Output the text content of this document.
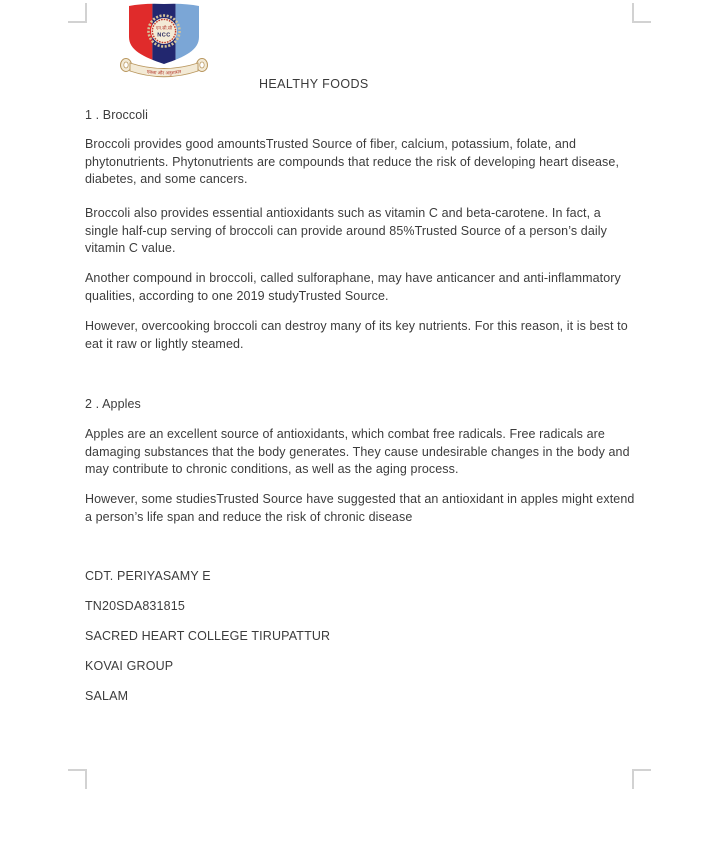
एन.सी.सी
NCC
एकता और अनुशासन
HEALTHY FOODS
1 . Broccoli
Broccoli provides good amountsTrusted Source of fiber, calcium, potassium, folate, and phytonutrients. Phytonutrients are compounds that reduce the risk of developing heart disease, diabetes, and some cancers.
Broccoli also provides essential antioxidants such as vitamin C and beta-carotene. In fact, a single half-cup serving of broccoli can provide around 85%Trusted Source of a person’s daily vitamin C value.
Another compound in broccoli, called sulforaphane, may have anticancer and anti-inflammatory qualities, according to one 2019 studyTrusted Source.
However, overcooking broccoli can destroy many of its key nutrients. For this reason, it is best to eat it raw or lightly steamed.
2 . Apples
Apples are an excellent source of antioxidants, which combat free radicals. Free radicals are damaging substances that the body generates. They cause undesirable changes in the body and may contribute to chronic conditions, as well as the aging process.
However, some studiesTrusted Source have suggested that an antioxidant in apples might extend a person’s life span and reduce the risk of chronic disease
CDT. PERIYASAMY E
TN20SDA831815
SACRED HEART COLLEGE TIRUPATTUR
KOVAI GROUP
SALAM
